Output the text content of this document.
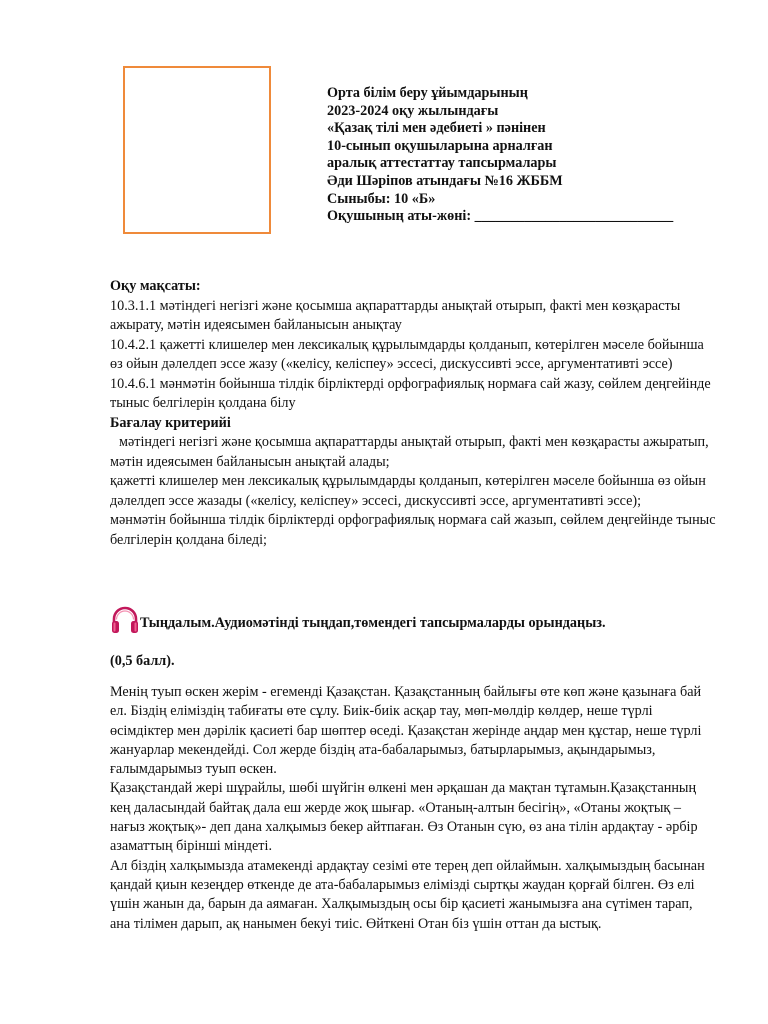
Орта білім беру ұйымдарының
2023-2024 оқу жылындағы
«Қазақ тілі мен әдебиеті » пәнінен
10-сынып оқушыларына арналған
аралық аттестаттау тапсырмалары
Әди Шәріпов атындағы №16 ЖББМ
Сыныбы: 10 «Б»
Оқушының аты-жөні: ____________________________

Оқу мақсаты:

10.3.1.1 мәтіндегі негізгі және қосымша ақпараттарды анықтай отырып, факті мен көзқарасты ажырату, мәтін идеясымен байланысын анықтау

10.4.2.1 қажетті клишелер мен лексикалық құрылымдарды қолданып, көтерілген мәселе бойынша өз ойын дәлелдеп эссе жазу («келісу, келіспеу» эссесі, дискуссивті эссе, аргументативті эссе)

10.4.6.1 мәнмәтін бойынша тілдік бірліктерді орфографиялық нормаға сай жазу, сөйлем деңгейінде тыныс белгілерін қолдана білу

Бағалау критерийі

мәтіндегі негізгі және қосымша ақпараттарды анықтай отырып, факті мен көзқарасты ажыратып, мәтін идеясымен байланысын анықтай алады;

қажетті клишелер мен лексикалық құрылымдарды қолданып, көтерілген мәселе бойынша өз ойын дәлелдеп эссе жазады («келісу, келіспеу» эссесі, дискуссивті эссе, аргументативті эссе);

мәнмәтін бойынша тілдік бірліктерді орфографиялық нормаға сай жазып, сөйлем деңгейінде тыныс белгілерін қолдана біледі;

Тыңдалым.Аудиомәтінді тыңдап,төмендегі тапсырмаларды орындаңыз.
(0,5 балл).

Менің туып өскен жерім - егеменді Қазақстан. Қазақстанның байлығы өте көп және қазынаға бай ел. Біздің еліміздің табиғаты өте сұлу. Биік-биік асқар тау, мөп-мөлдір көлдер, неше түрлі өсімдіктер мен дәрілік қасиеті бар шөптер өседі. Қазақстан жерінде аңдар мен құстар, неше түрлі жануарлар мекендейді. Сол жерде біздің ата-бабаларымыз, батырларымыз, ақындарымыз, ғалымдарымыз туып өскен.

Қазақстандай жері шұрайлы, шөбі шүйгін өлкені мен әрқашан да мақтан тұтамын.Қазақстанның кең даласындай байтақ дала еш жерде жоқ шығар. «Отаның-алтын бесігің», «Отаны жоқтық – нағыз жоқтық»- деп дана халқымыз бекер айтпаған. Өз Отанын сүю, өз ана тілін ардақтау - әрбір азаматтың бірінші міндеті.

Ал біздің халқымызда атамекенді ардақтау сезімі өте терең деп ойлаймын. халқымыздың басынан қандай қиын кезеңдер өткенде де ата-бабаларымыз елімізді сыртқы жаудан қорғай білген. Өз елі үшін жанын да, барын да аямаған. Халқымыздың осы бір қасиеті жанымызға ана сүтімен тарап, ана тілімен дарып, ақ нанымен бекуі тиіс. Өйткені Отан біз үшін оттан да ыстық.
